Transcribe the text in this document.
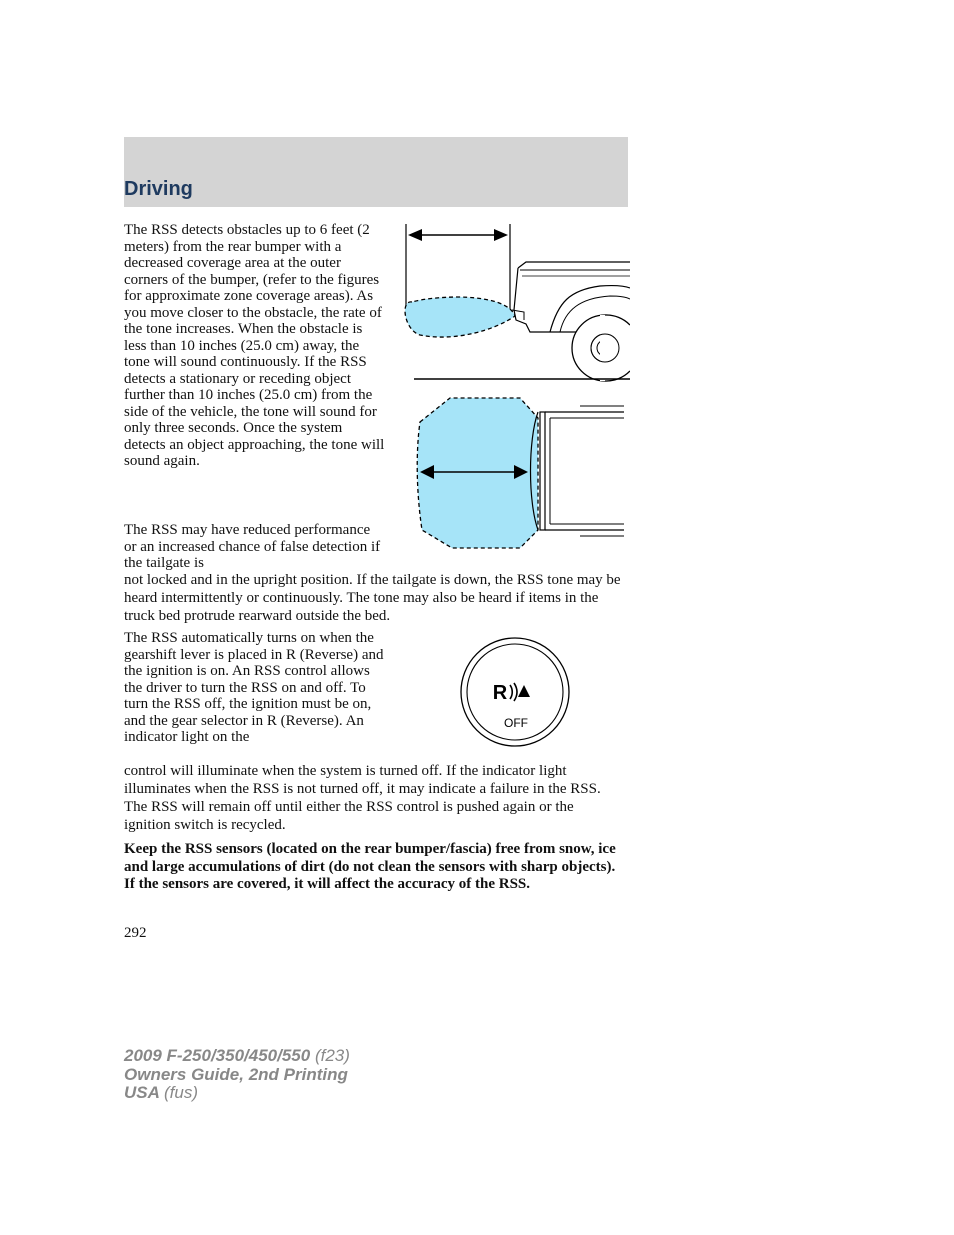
Driving

The RSS detects obstacles up to 6 feet (2 meters) from the rear bumper with a decreased coverage area at the outer corners of the bumper, (refer to the figures for approximate zone coverage areas). As you move closer to the obstacle, the rate of the tone increases. When the obstacle is less than 10 inches (25.0 cm) away, the tone will sound continuously. If the RSS detects a stationary or receding object further than 10 inches (25.0 cm) from the side of the vehicle, the tone will sound for only three seconds. Once the system detects an object approaching, the tone will sound again.

The RSS may have reduced performance or an increased chance of false detection if the tailgate is

not locked and in the upright position. If the tailgate is down, the RSS tone may be heard intermittently or continuously. The tone may also be heard if items in the truck bed protrude rearward outside the bed.

The RSS automatically turns on when the gearshift lever is placed in R (Reverse) and the ignition is on. An RSS control allows the driver to turn the RSS on and off. To turn the RSS off, the ignition must be on, and the gear selector in R (Reverse). An indicator light on the

control will illuminate when the system is turned off. If the indicator light illuminates when the RSS is not turned off, it may indicate a failure in the RSS. The RSS will remain off until either the RSS control is pushed again or the ignition switch is recycled.

Keep the RSS sensors (located on the rear bumper/fascia) free from snow, ice and large accumulations of dirt (do not clean the sensors with sharp objects). If the sensors are covered, it will affect the accuracy of the RSS.

292
R
OFF
2009 F-250/350/450/550 (f23)
Owners Guide, 2nd Printing
USA (fus)
